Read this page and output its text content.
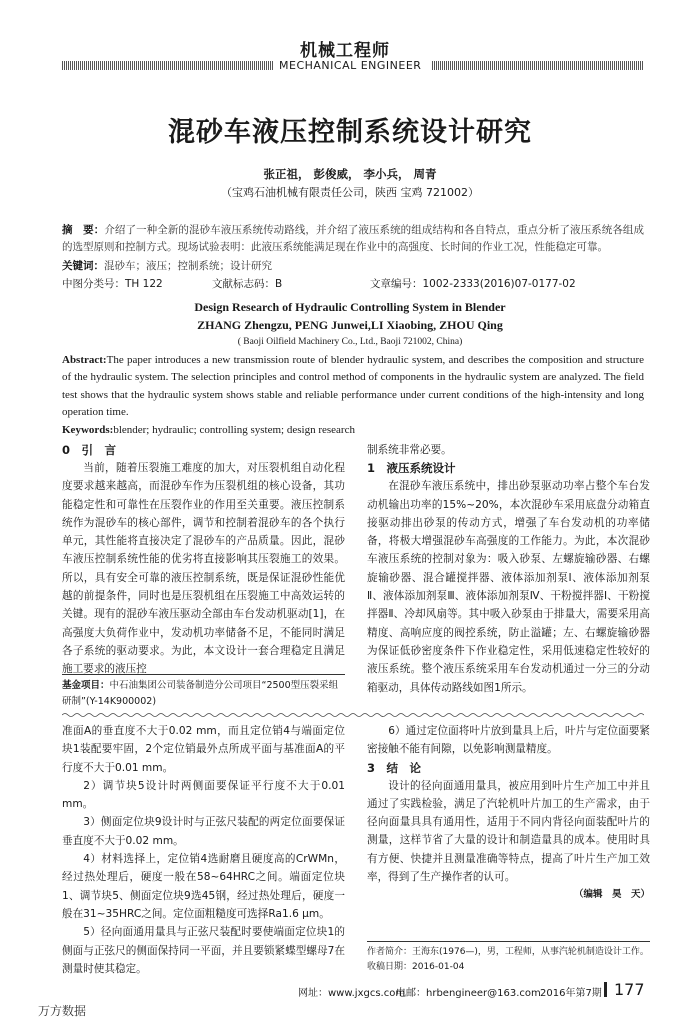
机械工程师
MECHANICAL ENGINEER
混砂车液压控制系统设计研究
张正祖， 彭俊威， 李小兵， 周青
（宝鸡石油机械有限责任公司，陕西 宝鸡 721002）
摘　要：介绍了一种全新的混砂车液压系统传动路线，并介绍了液压系统的组成结构和各自特点，重点分析了液压系统各组成的选型原则和控制方式。现场试验表明：此液压系统能满足现在作业中的高强度、长时间的作业工况，性能稳定可靠。
关键词：混砂车；液压；控制系统；设计研究
中图分类号：TH 122	文献标志码：B	文章编号：1002-2333(2016)07-0177-02
Design Research of Hydraulic Controlling System in Blender
ZHANG Zhengzu, PENG Junwei,LI Xiaobing, ZHOU Qing
( Baoji Oilfield Machinery Co., Ltd., Baoji 721002, China)
Abstract:The paper introduces a new transmission route of blender hydraulic system, and describes the composition and structure of the hydraulic system. The selection principles and control method of components in the hydraulic system are analyzed. The field test shows that the hydraulic system shows stable and reliable performance under current conditions of the high-intensity and long operation time.
Keywords:blender; hydraulic; controlling system; design research
0　引　言

当前，随着压裂施工难度的加大，对压裂机组自动化程度要求越来越高，而混砂车作为压裂机组的核心设备，其功能稳定性和可靠性在压裂作业的作用至关重要。液压控制系统作为混砂车的核心部件，调节和控制着混砂车的各个执行单元，其性能将直接决定了混砂车的产品质量。因此，混砂车液压控制系统性能的优劣将直接影响其压裂施工的效果。所以，具有安全可靠的液压控制系统，既是保证混砂性能优越的前提条件，同时也是压裂机组在压裂施工中高效运转的关键。现有的混砂车液压驱动全部由车台发动机驱动[1]，在高强度大负荷作业中，发动机功率储备不足，不能同时满足各子系统的驱动要求。为此，本文设计一套合理稳定且满足施工要求的液压控

基金项目：中石油集团公司装备制造分公司项目“2500型压裂采组研制”(Y-14K900002)

制系统非常必要。

1　液压系统设计

在混砂车液压系统中，排出砂泵驱动功率占整个车台发动机输出功率的15%~20%，本次混砂车采用底盘分动箱直接驱动排出砂泵的传动方式，增强了车台发动机的功率储备，将极大增强混砂车高强度的工作能力。为此，本次混砂车液压系统的控制对象为：吸入砂泵、左螺旋输砂器、右螺旋输砂器、混合罐搅拌器、液体添加剂泵Ⅰ、液体添加剂泵Ⅱ、液体添加剂泵Ⅲ、液体添加剂泵Ⅳ、干粉搅拌器Ⅰ、干粉搅拌器Ⅱ、冷却风扇等。其中吸入砂泵由于排量大，需要采用高精度、高响应度的阀控系统，防止溢罐；左、右螺旋输砂器为保证低砂密度条件下作业稳定性，采用低速稳定性较好的液压系统。整个液压系统采用车台发动机通过一分三的分动箱驱动，具体传动路线如图1所示。

准面A的垂直度不大于0.02 mm，而且定位销4与端面定位块1装配要牢固，2个定位销最外点所成平面与基准面A的平行度不大于0.01 mm。

2）调节块5设计时两侧面要保证平行度不大于0.01 mm。

3）侧面定位块9设计时与正弦尺装配的两定位面要保证垂直度不大于0.02 mm。

4）材料选择上，定位销4选耐磨且硬度高的CrWMn，经过热处理后，硬度一般在58~64HRC之间。端面定位块1、调节块5、侧面定位块9选45钢，经过热处理后，硬度一般在31~35HRC之间。定位面粗糙度可选择Ra1.6 μm。

5）径向面通用量具与正弦尺装配时要使端面定位块1的侧面与正弦尺的侧面保持同一平面，并且要锁紧蝶型螺母7在测量时使其稳定。

6）通过定位面将叶片放到量具上后，叶片与定位面要紧密接触不能有间隙，以免影响测量精度。

3　结　论

设计的径向面通用量具，被应用到叶片生产加工中并且通过了实践检验，满足了汽轮机叶片加工的生产需求，由于径向面量具具有通用性，适用于不同内背径向面装配叶片的测量，这样节省了大量的设计和制造量具的成本。使用时具有方便、快捷并且测量准确等特点，提高了叶片生产加工效率，得到了生产操作者的认可。

（编辑　昊　天）
作者简介：王海东(1976—)，男，工程师，从事汽轮机制造设计工作。
收稿日期：2016-01-04
网址：www.jxgcs.com
电邮：hrbengineer@163.com 2016年第7期 177
万方数据
